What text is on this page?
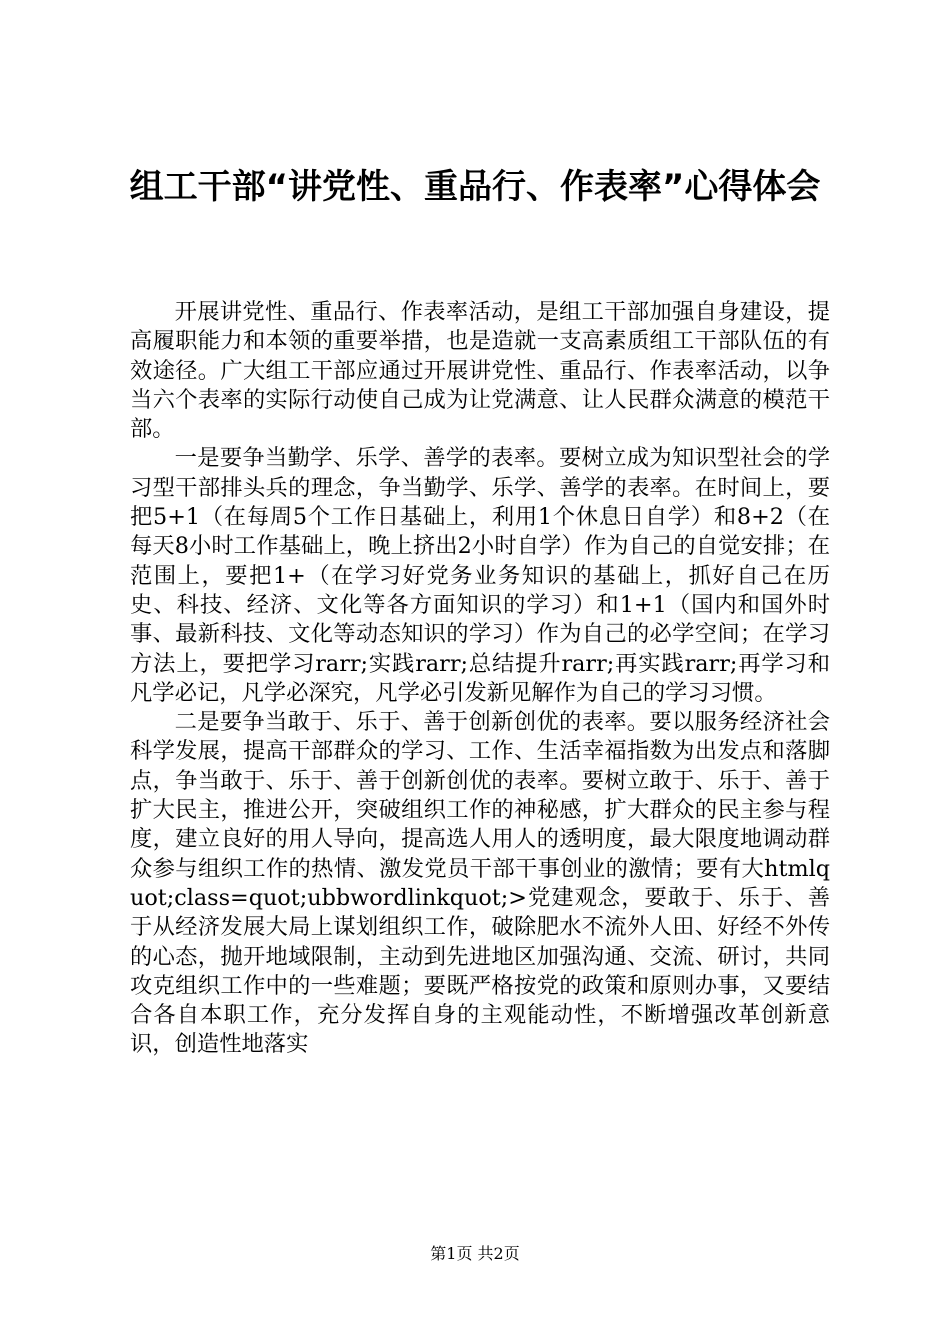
组工干部“讲党性、重品行、作表率”心得体会

开展讲党性、重品行、作表率活动，是组工干部加强自身建设，提高履职能力和本领的重要举措，也是造就一支高素质组工干部队伍的有效途径。广大组工干部应通过开展讲党性、重品行、作表率活动，以争当六个表率的实际行动使自己成为让党满意、让人民群众满意的模范干部。

一是要争当勤学、乐学、善学的表率。要树立成为知识型社会的学习型干部排头兵的理念，争当勤学、乐学、善学的表率。在时间上，要把5+1（在每周5个工作日基础上，利用1个休息日自学）和8+2（在每天8小时工作基础上，晚上挤出2小时自学）作为自己的自觉安排；在范围上，要把1+（在学习好党务业务知识的基础上，抓好自己在历史、科技、经济、文化等各方面知识的学习）和1+1（国内和国外时事、最新科技、文化等动态知识的学习）作为自己的必学空间；在学习方法上，要把学习rarr;实践rarr;总结提升rarr;再实践rarr;再学习和凡学必记，凡学必深究，凡学必引发新见解作为自己的学习习惯。

二是要争当敢于、乐于、善于创新创优的表率。要以服务经济社会科学发展，提高干部群众的学习、工作、生活幸福指数为出发点和落脚点，争当敢于、乐于、善于创新创优的表率。要树立敢于、乐于、善于扩大民主，推进公开，突破组织工作的神秘感，扩大群众的民主参与程度，建立良好的用人导向，提高选人用人的透明度，最大限度地调动群众参与组织工作的热情、激发党员干部干事创业的激情；要有大htmlquot;class=quot;ubbwordlinkquot;>党建观念，要敢于、乐于、善于从经济发展大局上谋划组织工作，破除肥水不流外人田、好经不外传的心态，抛开地域限制，主动到先进地区加强沟通、交流、研讨，共同攻克组织工作中的一些难题；要既严格按党的政策和原则办事，又要结合各自本职工作，充分发挥自身的主观能动性，不断增强改革创新意识，创造性地落实

第1页 共2页
